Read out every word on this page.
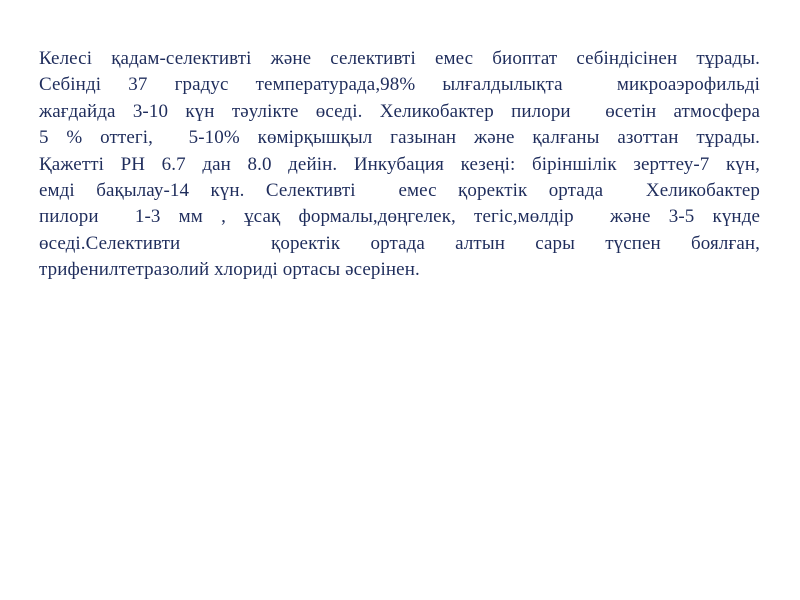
Келесі қадам-селективті және селективті емес биоптат себіндісінен тұрады.
Себінді 37 градус температурада,98% ылғалдылықта  микроаэрофильді
жағдайда 3-10 күн тәулікте өседі. Хеликобактер пилори  өсетін атмосфера
5 % оттегі,  5-10% көмірқышқыл газынан және қалғаны азоттан тұрады.
Қажетті PH 6.7 дан 8.0 дейін. Инкубация кезеңі: біріншілік зерттеу-7 күн,
емді бақылау-14 күн. Селективті  емес қоректік ортада  Хеликобактер
пилори  1-3 мм , ұсақ формалы,дөңгелек, тегіс,мөлдір  және 3-5 күнде
өседі.Селективти   қоректік ортада алтын сары түспен боялған,
трифенилтетразолий хлориді ортасы әсерінен.
